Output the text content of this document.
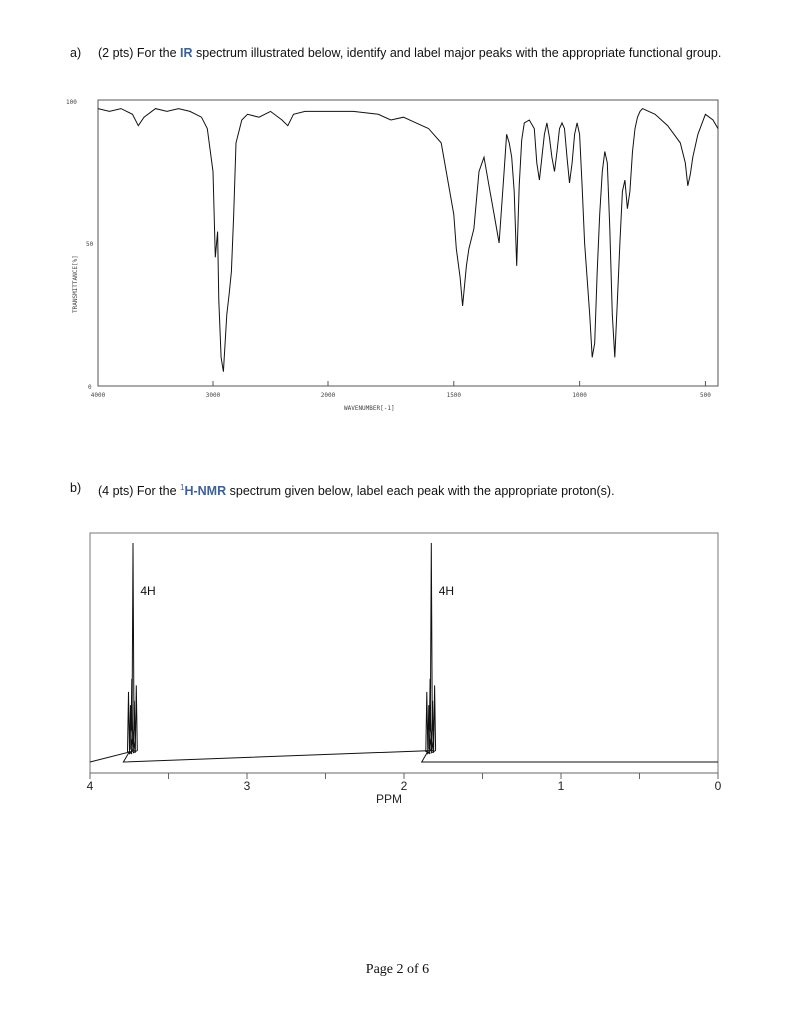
a) (2 pts) For the IR spectrum illustrated below, identify and label major peaks with the appropriate functional group.
100
50
0
TRANSMITTANCE[%]
4000	3000	2000	1500	1000	500
WAVENUMBER[-1]
b) (4 pts) For the $^1$H-NMR spectrum given below, label each peak with the appropriate proton(s).
4	3	2	1	0
PPM
4H	4H
Page 2 of 6
